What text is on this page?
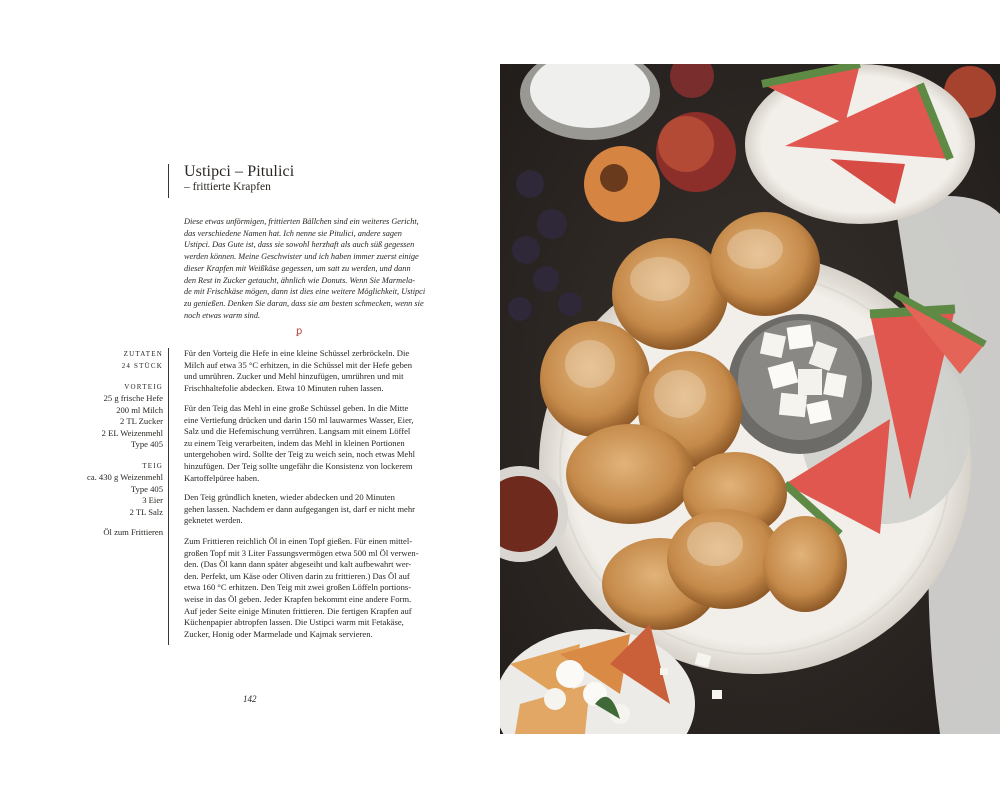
Ustipci – Pitulici
– frittierte Krapfen
Diese etwas unförmigen, frittierten Bällchen sind ein weiteres Gericht,
das verschiedene Namen hat. Ich nenne sie Pitulici, andere sagen
Ustipci. Das Gute ist, dass sie sowohl herzhaft als auch süß gegessen
werden können. Meine Geschwister und ich haben immer zuerst einige
dieser Krapfen mit Weißkäse gegessen, um satt zu werden, und dann
den Rest in Zucker getaucht, ähnlich wie Donuts. Wenn Sie Marmela-
de mit Frischkäse mögen, dann ist dies eine weitere Möglichkeit, Ustipci
zu genießen. Denken Sie daran, dass sie am besten schmecken, wenn sie
noch etwas warm sind.
ꝑ
ZUTATEN
24 STÜCK
VORTEIG
25 g frische Hefe
200 ml Milch
2 TL Zucker
2 EL Weizenmehl
Type 405
TEIG
ca. 430 g Weizenmehl
Type 405
3 Eier
2 TL Salz
Öl zum Frittieren
Für den Vorteig die Hefe in eine kleine Schüssel zerbröckeln. Die
Milch auf etwa 35 °C erhitzen, in die Schüssel mit der Hefe geben
und umrühren. Zucker und Mehl hinzufügen, umrühren und mit
Frischhaltefolie abdecken. Etwa 10 Minuten ruhen lassen.
Für den Teig das Mehl in eine große Schüssel geben. In die Mitte
eine Vertiefung drücken und darin 150 ml lauwarmes Wasser, Eier,
Salz und die Hefemischung verrühren. Langsam mit einem Löffel
zu einem Teig verarbeiten, indem das Mehl in kleinen Portionen
untergehoben wird. Sollte der Teig zu weich sein, noch etwas Mehl
hinzufügen. Der Teig sollte ungefähr die Konsistenz von lockerem
Kartoffelpüree haben.
Den Teig gründlich kneten, wieder abdecken und 20 Minuten
gehen lassen. Nachdem er dann aufgegangen ist, darf er nicht mehr
geknetet werden.
Zum Frittieren reichlich Öl in einen Topf gießen. Für einen mittel-
großen Topf mit 3 Liter Fassungsvermögen etwa 500 ml Öl verwen-
den. (Das Öl kann dann später abgeseiht und kalt aufbewahrt wer-
den. Perfekt, um Käse oder Oliven darin zu frittieren.) Das Öl auf
etwa 160 °C erhitzen. Den Teig mit zwei großen Löffeln portions-
weise in das Öl geben. Jeder Krapfen bekommt eine andere Form.
Auf jeder Seite einige Minuten frittieren. Die fertigen Krapfen auf
Küchenpapier abtropfen lassen. Die Ustipci warm mit Fetakäse,
Zucker, Honig oder Marmelade und Kajmak servieren.
142
